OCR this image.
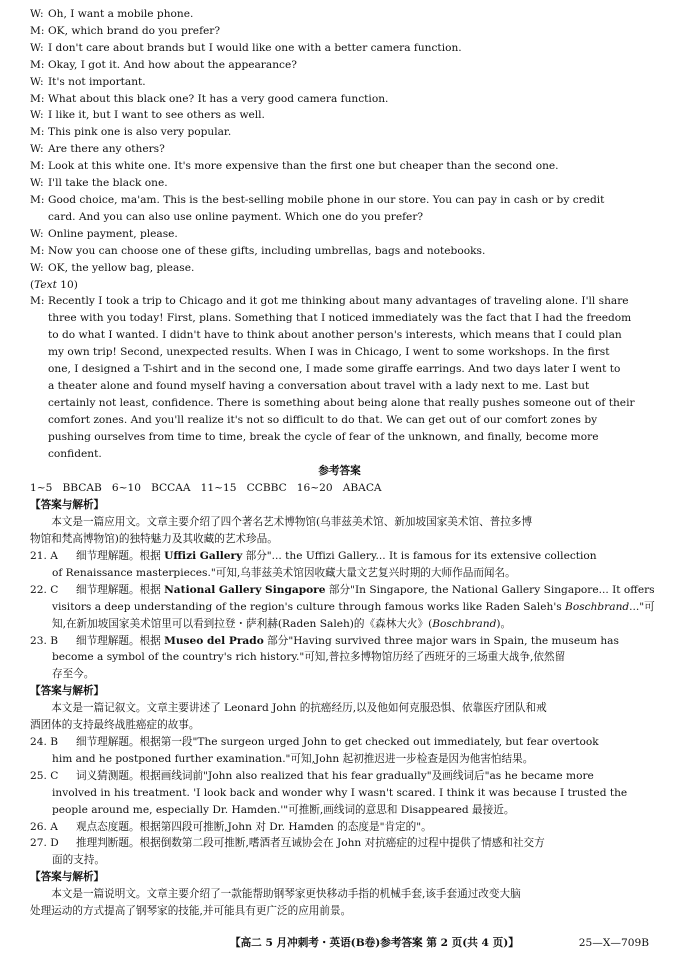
W: Oh, I want a mobile phone.
M: OK, which brand do you prefer?
W: I don't care about brands but I would like one with a better camera function.
M: Okay, I got it. And how about the appearance?
W: It's not important.
M: What about this black one? It has a very good camera function.
W: I like it, but I want to see others as well.
M: This pink one is also very popular.
W: Are there any others?
M: Look at this white one. It's more expensive than the first one but cheaper than the second one.
W: I'll take the black one.
M: Good choice, ma'am. This is the best-selling mobile phone in our store. You can pay in cash or by credit
card. And you can also use online payment. Which one do you prefer?
W: Online payment, please.
M: Now you can choose one of these gifts, including umbrellas, bags and notebooks.
W: OK, the yellow bag, please.
(Text 10)
M: Recently I took a trip to Chicago and it got me thinking about many advantages of traveling alone. I'll share
three with you today! First, plans. Something that I noticed immediately was the fact that I had the freedom
to do what I wanted. I didn't have to think about another person's interests, which means that I could plan
my own trip! Second, unexpected results. When I was in Chicago, I went to some workshops. In the first
one, I designed a T-shirt and in the second one, I made some giraffe earrings. And two days later I went to
a theater alone and found myself having a conversation about travel with a lady next to me. Last but
certainly not least, confidence. There is something about being alone that really pushes someone out of their
comfort zones. And you'll realize it's not so difficult to do that. We can get out of our comfort zones by
pushing ourselves from time to time, break the cycle of fear of the unknown, and finally, become more
confident.
参考答案
1~5   BBCAB   6~10   BCCAA   11~15   CCBBC   16~20   ABACA
【答案与解析】
本文是一篇应用文。文章主要介绍了四个著名艺术博物馆(乌菲兹美术馆、新加坡国家美术馆、普拉多博
物馆和梵高博物馆)的独特魅力及其收藏的艺术珍品。
21. A	细节理解题。根据 Uffizi Gallery 部分"... the Uffizi Gallery... It is famous for its extensive collection
of Renaissance masterpieces."可知,乌菲兹美术馆因收藏大量文艺复兴时期的大师作品而闻名。
22. C	细节理解题。根据 National Gallery Singapore 部分"In Singapore, the National Gallery Singapore... It offers
visitors a deep understanding of the region's culture through famous works like Raden Saleh's Boschbrand..."可
知,在新加坡国家美术馆里可以看到拉登・萨利赫(Raden Saleh)的《森林大火》(Boschbrand)。
23. B	细节理解题。根据 Museo del Prado 部分"Having survived three major wars in Spain, the museum has
become a symbol of the country's rich history."可知,普拉多博物馆历经了西班牙的三场重大战争,依然留
存至今。
【答案与解析】
本文是一篇记叙文。文章主要讲述了 Leonard John 的抗癌经历,以及他如何克服恐惧、依靠医疗团队和戒
酒团体的支持最终战胜癌症的故事。
24. B	细节理解题。根据第一段"The surgeon urged John to get checked out immediately, but fear overtook
him and he postponed further examination."可知,John 起初推迟进一步检查是因为他害怕结果。
25. C	词义猜测题。根据画线词前"John also realized that his fear gradually"及画线词后"as he became more
involved in his treatment. 'I look back and wonder why I wasn't scared. I think it was because I trusted the
people around me, especially Dr. Hamden.'"可推断,画线词的意思和 Disappeared 最接近。
26. A	观点态度题。根据第四段可推断,John 对 Dr. Hamden 的态度是"肯定的"。
27. D	推理判断题。根据倒数第二段可推断,嗜酒者互诫协会在 John 对抗癌症的过程中提供了情感和社交方
面的支持。
【答案与解析】
本文是一篇说明文。文章主要介绍了一款能帮助钢琴家更快移动手指的机械手套,该手套通过改变大脑
处理运动的方式提高了钢琴家的技能,并可能具有更广泛的应用前景。
【高二 5 月冲刺考・英语(B卷)参考答案 第 2 页(共 4 页)】	25—X—709B
